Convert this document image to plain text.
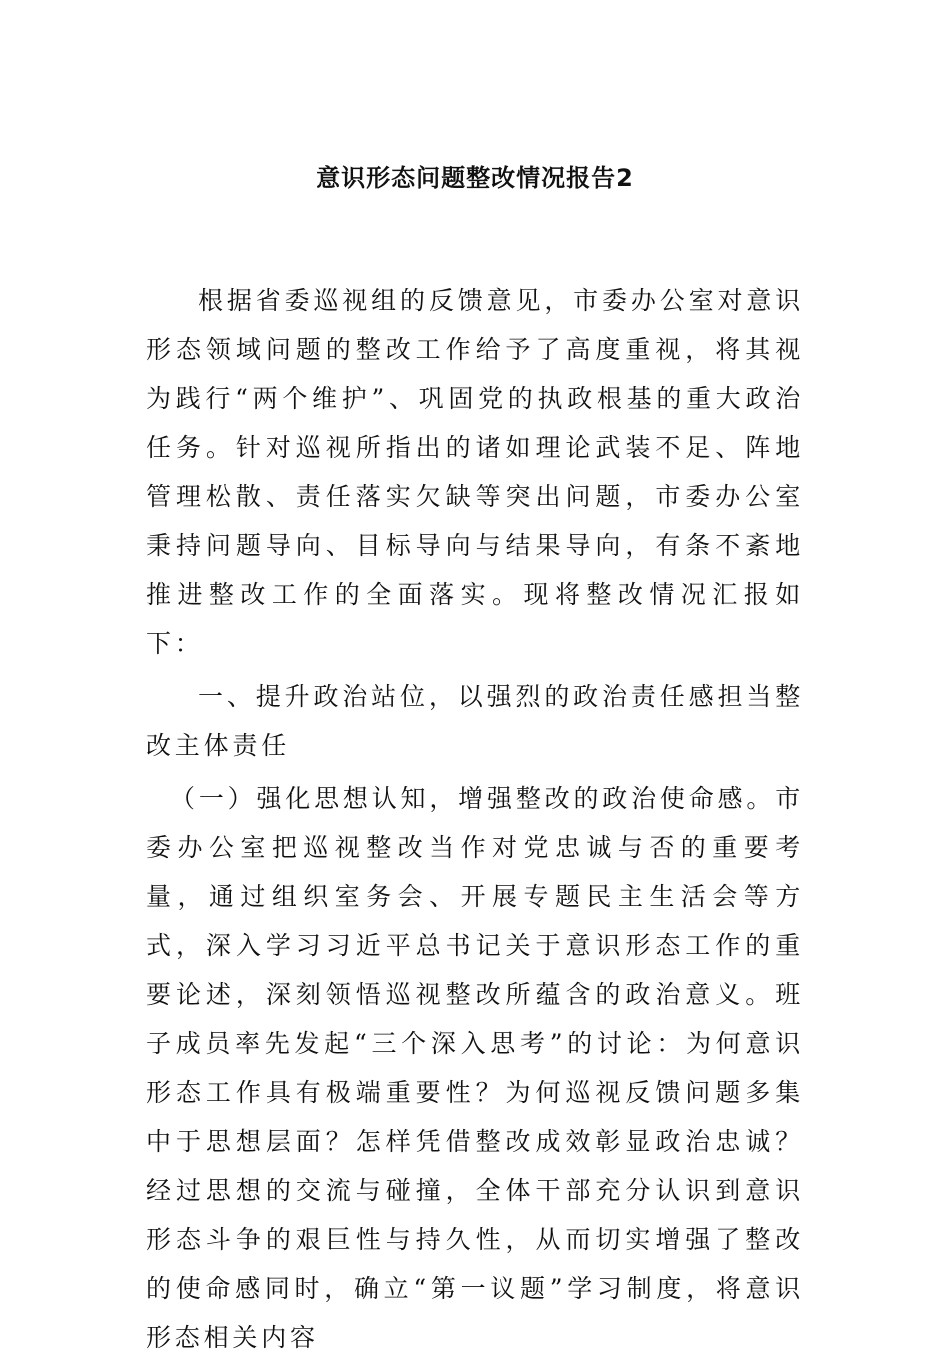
意识形态问题整改情况报告2

根据省委巡视组的反馈意见，市委办公室对意识形态领域问题的整改工作给予了高度重视，将其视为践行“两个维护”、巩固党的执政根基的重大政治任务。针对巡视所指出的诸如理论武装不足、阵地管理松散、责任落实欠缺等突出问题，市委办公室秉持问题导向、目标导向与结果导向，有条不紊地推进整改工作的全面落实。现将整改情况汇报如下：

一、提升政治站位，以强烈的政治责任感担当整改主体责任

（一）强化思想认知，增强整改的政治使命感。市委办公室把巡视整改当作对党忠诚与否的重要考量，通过组织室务会、开展专题民主生活会等方式，深入学习习近平总书记关于意识形态工作的重要论述，深刻领悟巡视整改所蕴含的政治意义。班子成员率先发起“三个深入思考”的讨论：为何意识形态工作具有极端重要性？为何巡视反馈问题多集中于思想层面？怎样凭借整改成效彰显政治忠诚？经过思想的交流与碰撞，全体干部充分认识到意识形态斗争的艰巨性与持久性，从而切实增强了整改的使命感同时，确立“第一议题”学习制度，将意识形态相关内容
